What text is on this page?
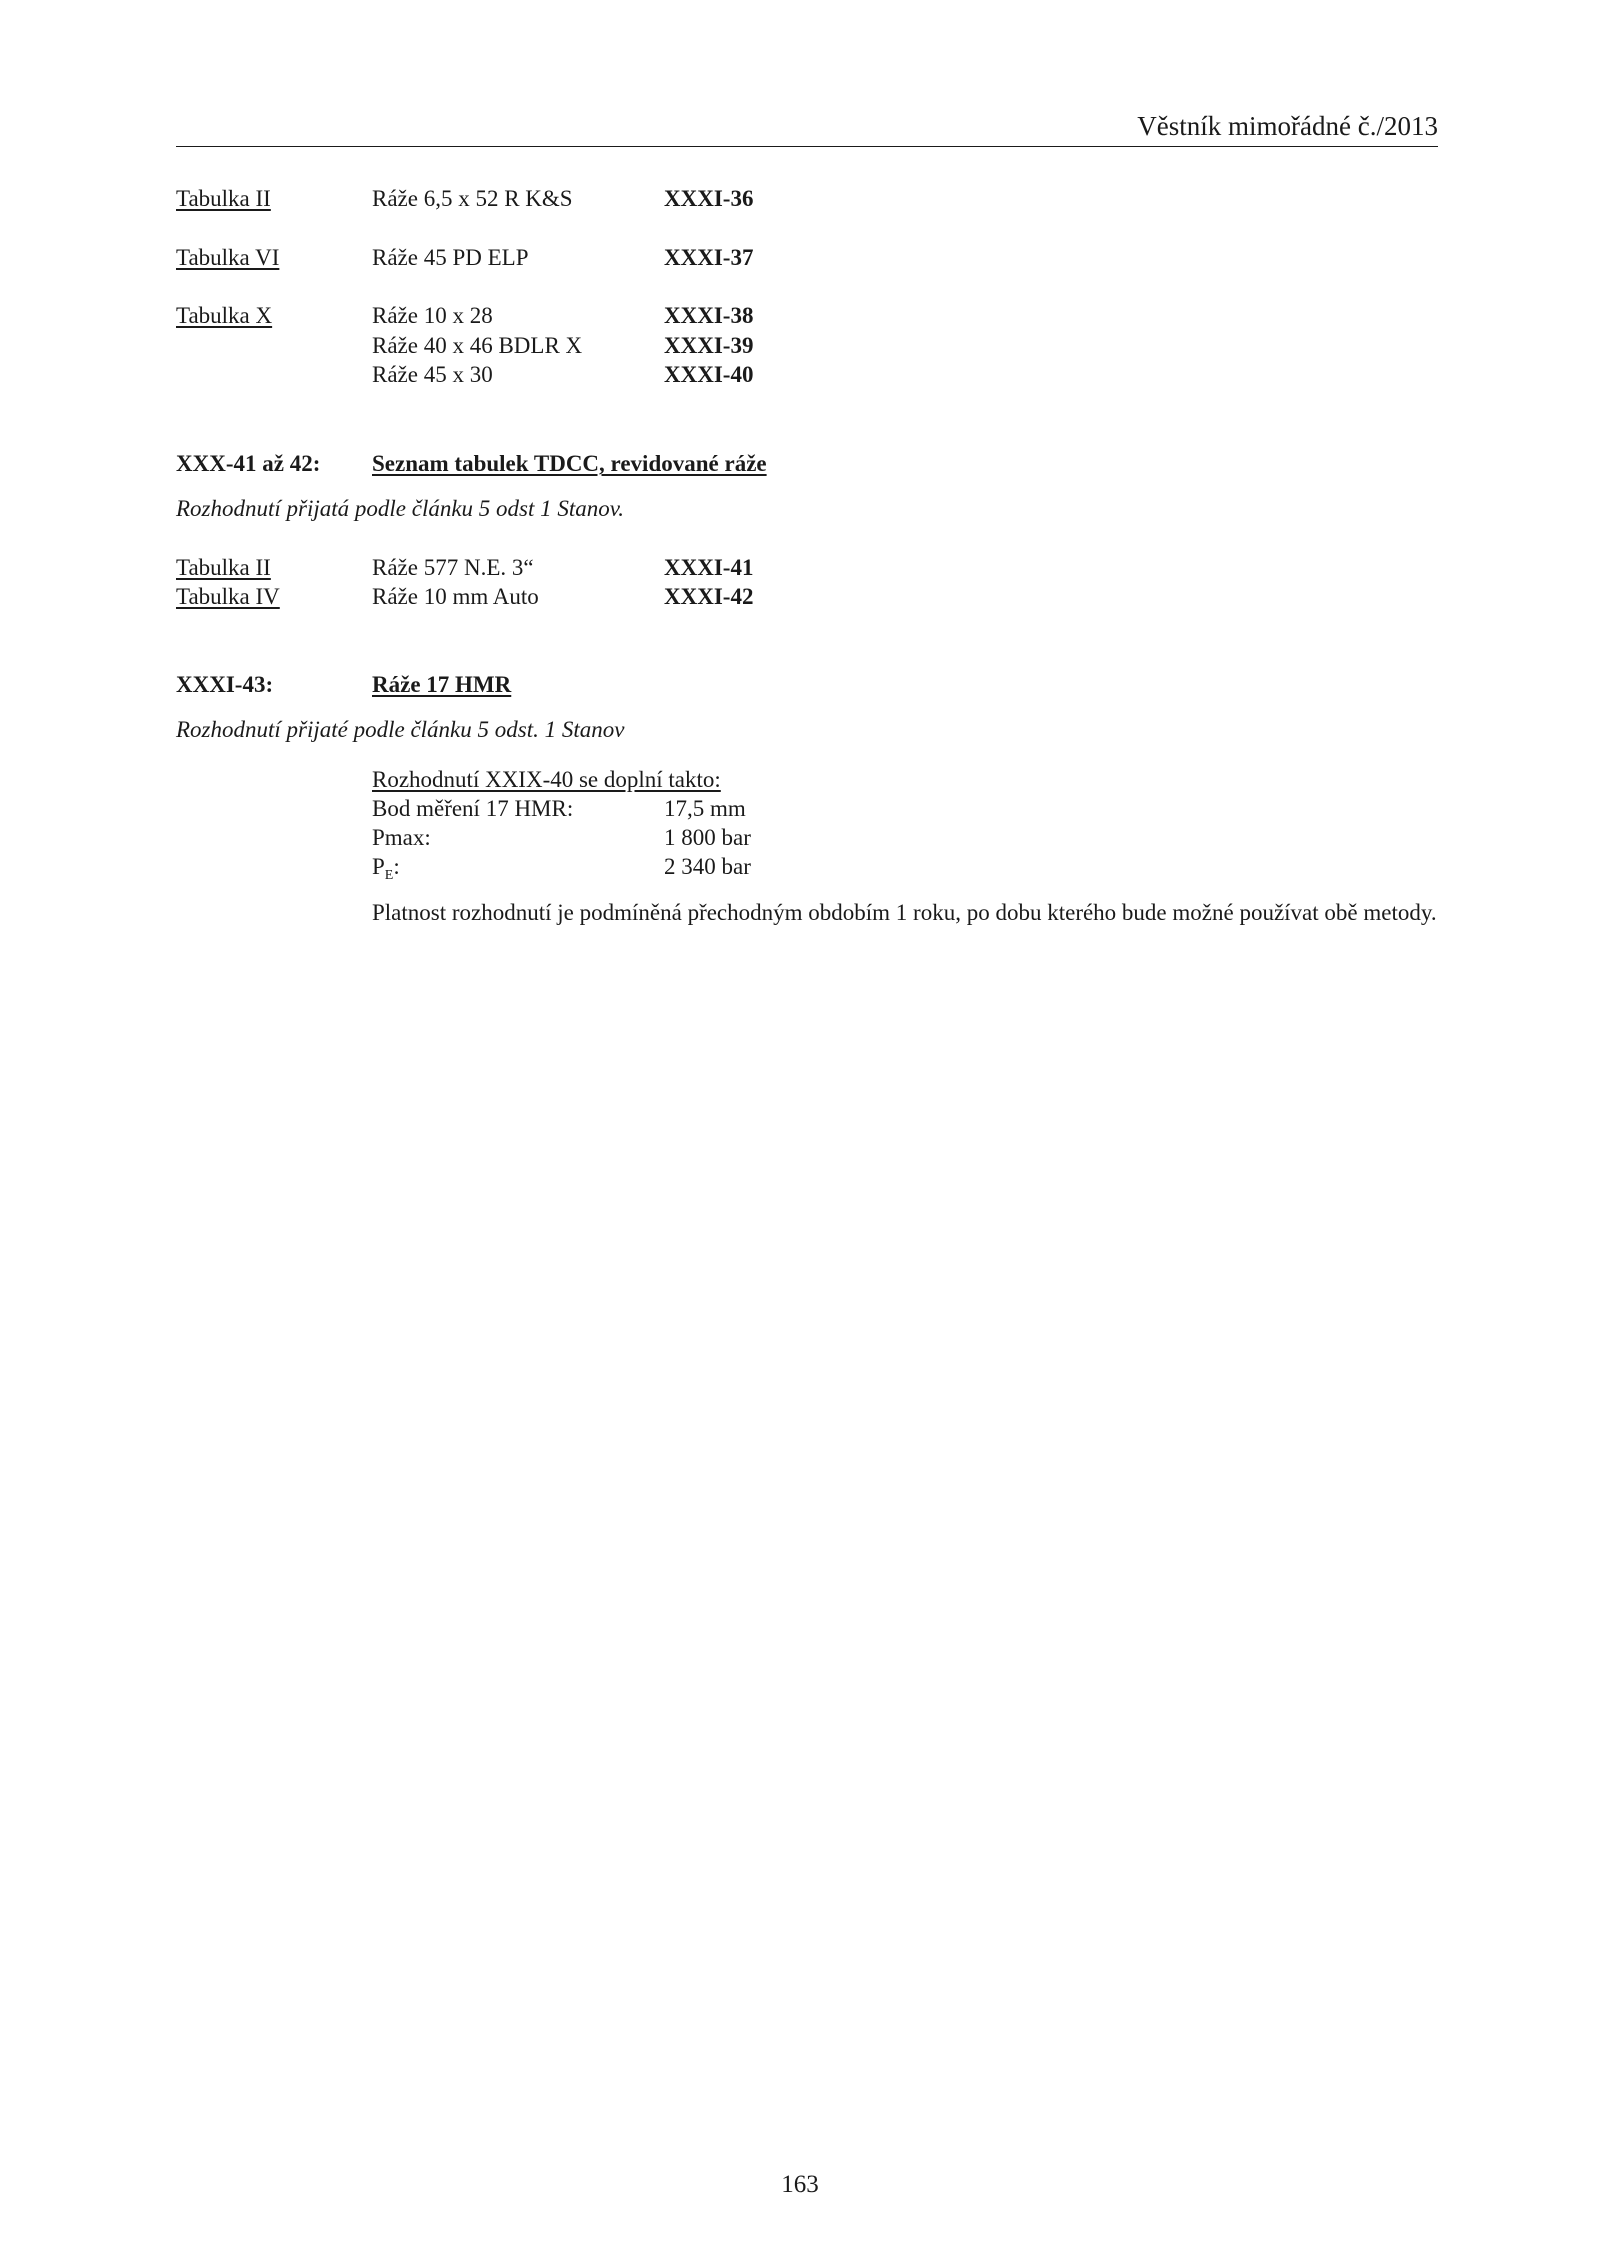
Věstník mimořádné č./2013
Tabulka II	Ráže 6,5 x 52 R K&S	XXXI-36
Tabulka VI	Ráže 45 PD ELP	XXXI-37
Tabulka X	Ráže 10 x 28	XXXI-38
Ráže 40 x 46 BDLR X	XXXI-39
Ráže 45 x 30	XXXI-40
XXX-41 až 42: Seznam tabulek TDCC, revidované ráže
Rozhodnutí přijatá podle článku 5 odst 1 Stanov.
Tabulka II	Ráže 577 N.E. 3“	XXXI-41
Tabulka IV	Ráže 10 mm Auto	XXXI-42
XXXI-43:	Ráže 17 HMR
Rozhodnutí přijaté podle článku 5 odst. 1 Stanov
Rozhodnutí XXIX-40 se doplní takto:
Bod měření 17 HMR:	17,5 mm
Pmax:	1 800 bar
$P_E$:	2 340 bar
Platnost rozhodnutí je podmíněná přechodným obdobím 1 roku, po dobu kterého bude možné používat obě metody.
163
